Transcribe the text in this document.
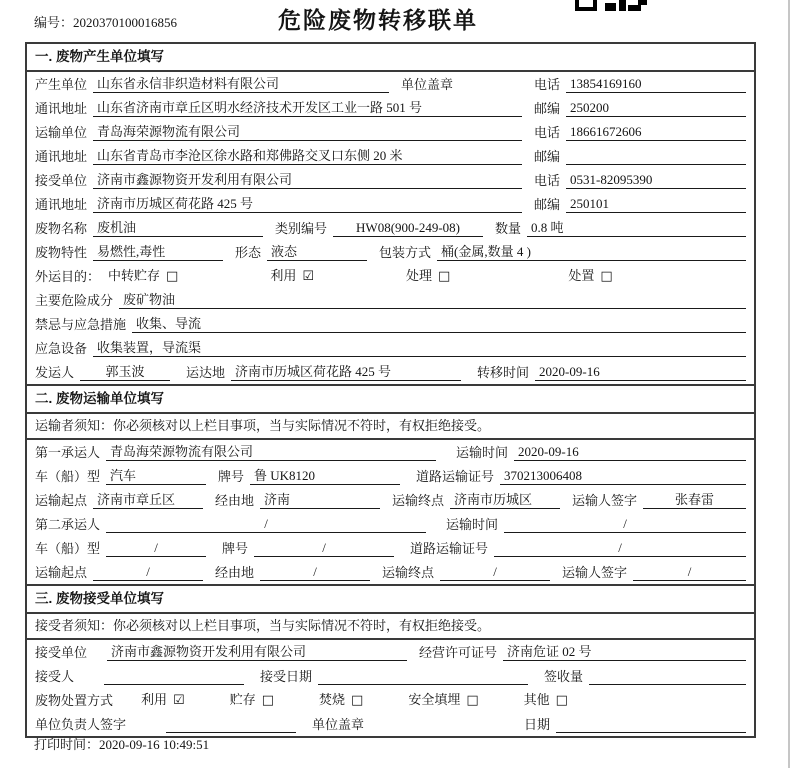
编号：2020370100016856	危险废物转移联单
一. 废物产生单位填写
产生单位 山东省永信非织造材料有限公司	单位盖章	电话 13854169160
通讯地址 山东省济南市章丘区明水经济技术开发区工业一路 501 号	邮编 250200
运输单位 青岛海荣源物流有限公司	电话 18661672606
通讯地址 山东省青岛市李沧区徐水路和郑佛路交叉口东侧 20 米	邮编
接受单位 济南市鑫源物资开发利用有限公司	电话 0531-82095390
通讯地址 济南市历城区荷花路 425 号	邮编 250101
废物名称 废机油	类别编号	HW08(900-249-08)	数量 0.8 吨
废物特性 易燃性,毒性	形态 液态	包装方式 桶(金属,数量 4 )
外运目的： 中转贮存 □	利用 ☑	处理 □	处置 □
主要危险成分 废矿物油
禁忌与应急措施 收集、导流
应急设备 收集装置，导流渠
发运人	郭玉波	运达地 济南市历城区荷花路 425 号	转移时间 2020-09-16
二. 废物运输单位填写
运输者须知：你必须核对以上栏目事项，当与实际情况不符时，有权拒绝接受。
第一承运人 青岛海荣源物流有限公司	运输时间 2020-09-16
车（船）型 汽车	牌号 鲁 UK8120	道路运输证号 370213006408
运输起点 济南市章丘区	经由地 济南	运输终点 济南市历城区	运输人签字	张春雷
第二承运人	/	运输时间	/
车（船）型	/	牌号	/	道路运输证号	/
运输起点	/	经由地	/	运输终点	/	运输人签字	/
三. 废物接受单位填写
接受者须知：你必须核对以上栏目事项，当与实际情况不符时，有权拒绝接受。
接受单位	济南市鑫源物资开发利用有限公司	经营许可证号 济南危证 02 号
接受人	接受日期	签收量
废物处置方式 利用 ☑	贮存 □	焚烧 □	安全填埋 □	其他 □
单位负责人签字	单位盖章	日期
打印时间：2020-09-16 10:49:51
